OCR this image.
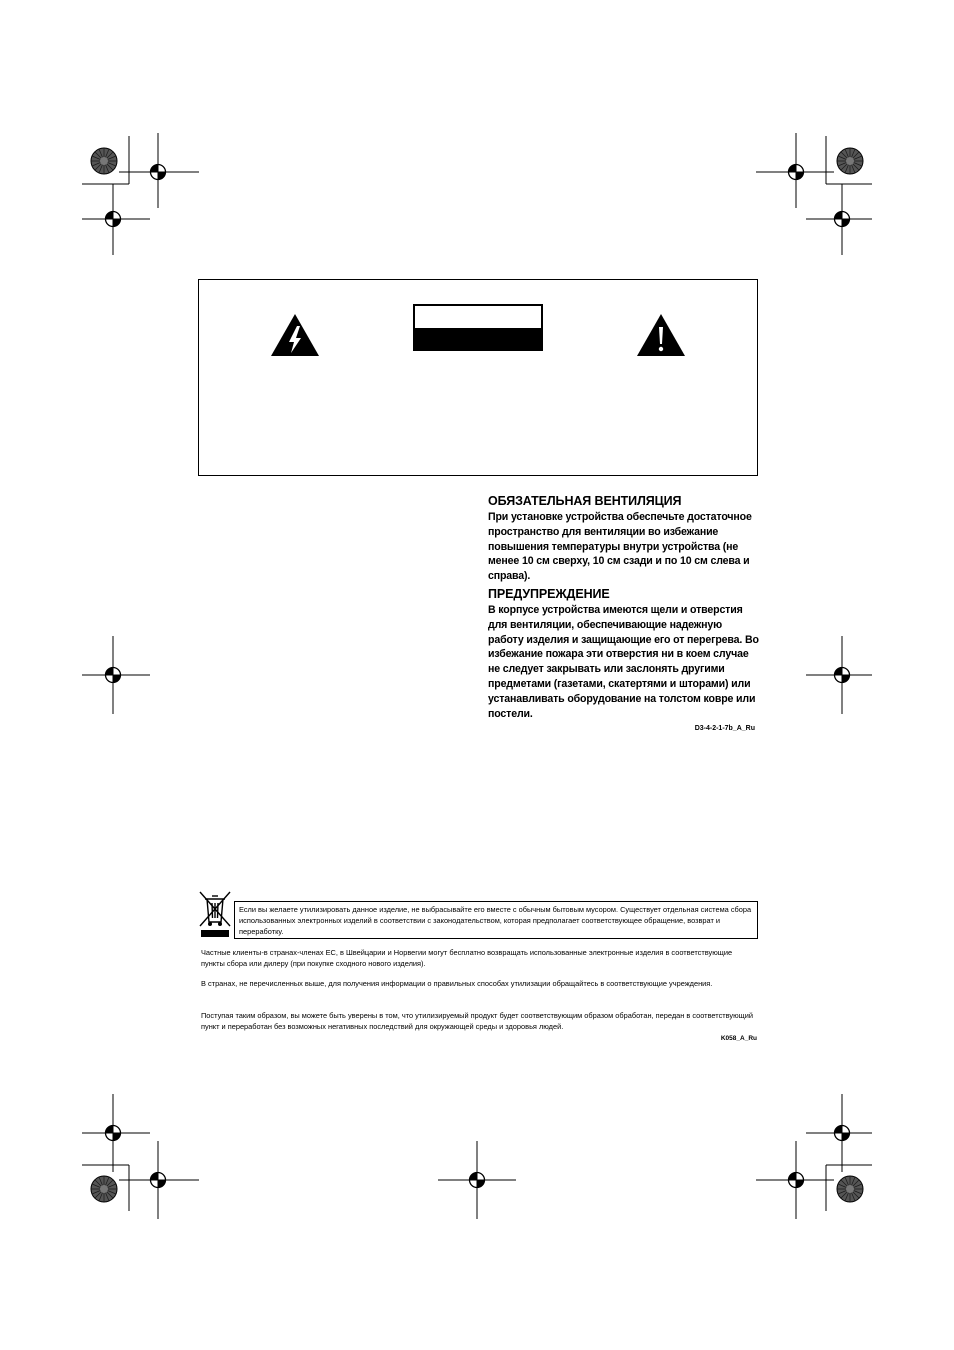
ОБЯЗАТЕЛЬНАЯ ВЕНТИЛЯЦИЯ
При установке устройства обеспечьте достаточное пространство для вентиляции во избежание повышения температуры внутри устройства (не менее 10 см сверху, 10 см сзади и по 10 см слева и справа).
ПРЕДУПРЕЖДЕНИЕ
В корпусе устройства имеются щели и отверстия для вентиляции, обеспечивающие надежную работу изделия и защищающие его от перегрева. Во избежание пожара эти отверстия ни в коем случае не следует закрывать или заслонять другими предметами (газетами, скатертями и шторами) или устанавливать оборудование на толстом ковре или постели.
D3-4-2-1-7b_A_Ru
Если вы желаете утилизировать данное изделие, не выбрасывайте его вместе с обычным бытовым мусором. Существует отдельная система сбора использованных электронных изделий в соответствии с законодательством, которая предполагает соответствующее обращение, возврат и переработку.
Частные клиенты-в странах-членах ЕС, в Швейцарии и Норвегии могут бесплатно возвращать использованные электронные изделия в соответствующие пункты сбора или дилеру (при покупке сходного нового изделия).
В странах, не перечисленных выше, для получения информации о правильных способах утилизации обращайтесь в соответствующие учреждения.
Поступая таким образом, вы можете быть уверены в том, что утилизируемый продукт будет соответствующим образом обработан, передан в соответствующий пункт и переработан без возможных негативных последствий для окружающей среды и здоровья людей.
K058_A_Ru
